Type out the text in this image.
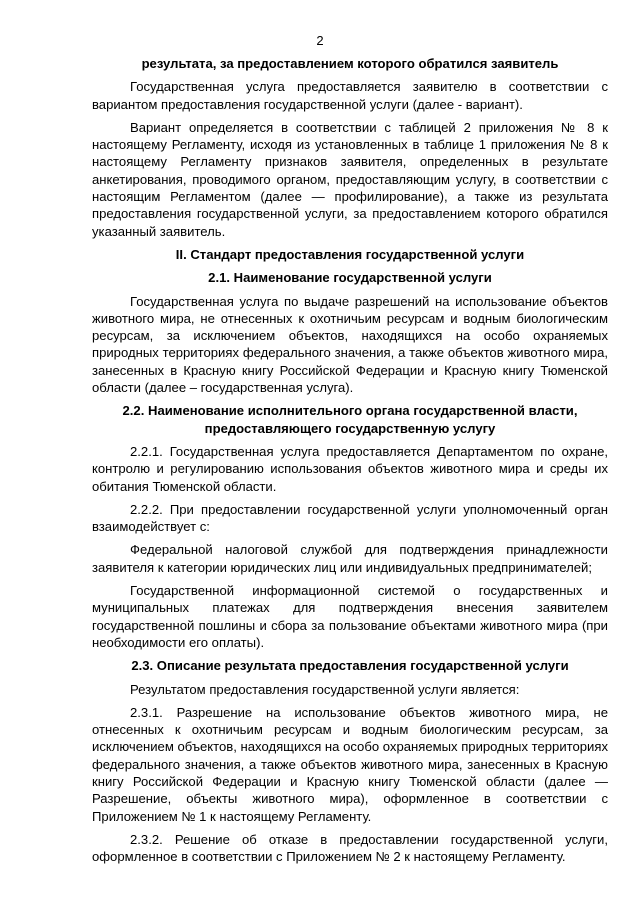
2
результата, за предоставлением которого обратился заявитель
Государственная услуга предоставляется заявителю в соответствии с вариантом предоставления государственной услуги (далее - вариант).
Вариант определяется в соответствии с таблицей 2 приложения № 8 к настоящему Регламенту, исходя из установленных в таблице 1 приложения № 8 к настоящему Регламенту признаков заявителя, определенных в результате анкетирования, проводимого органом, предоставляющим услугу, в соответствии с настоящим Регламентом (далее — профилирование), а также из результата предоставления государственной услуги, за предоставлением которого обратился указанный заявитель.
II. Стандарт предоставления государственной услуги
2.1. Наименование государственной услуги
Государственная услуга по выдаче разрешений на использование объектов животного мира, не отнесенных к охотничьим ресурсам и водным биологическим ресурсам, за исключением объектов, находящихся на особо охраняемых природных территориях федерального значения, а также объектов животного мира, занесенных в Красную книгу Российской Федерации и Красную книгу Тюменской области (далее – государственная услуга).
2.2. Наименование исполнительного органа государственной власти, предоставляющего государственную услугу
2.2.1. Государственная услуга предоставляется Департаментом по охране, контролю и регулированию использования объектов животного мира и среды их обитания Тюменской области.
2.2.2. При предоставлении государственной услуги уполномоченный орган взаимодействует с:
Федеральной налоговой службой для подтверждения принадлежности заявителя к категории юридических лиц или индивидуальных предпринимателей;
Государственной информационной системой о государственных и муниципальных платежах для подтверждения внесения заявителем государственной пошлины и сбора за пользование объектами животного мира (при необходимости его оплаты).
2.3. Описание результата предоставления государственной услуги
Результатом предоставления государственной услуги является:
2.3.1. Разрешение на использование объектов животного мира, не отнесенных к охотничьим ресурсам и водным биологическим ресурсам, за исключением объектов, находящихся на особо охраняемых природных территориях федерального значения, а также объектов животного мира, занесенных в Красную книгу Российской Федерации и Красную книгу Тюменской области (далее — Разрешение, объекты животного мира), оформленное в соответствии с Приложением № 1 к настоящему Регламенту.
2.3.2. Решение об отказе в предоставлении государственной услуги, оформленное в соответствии с Приложением № 2 к настоящему Регламенту.
